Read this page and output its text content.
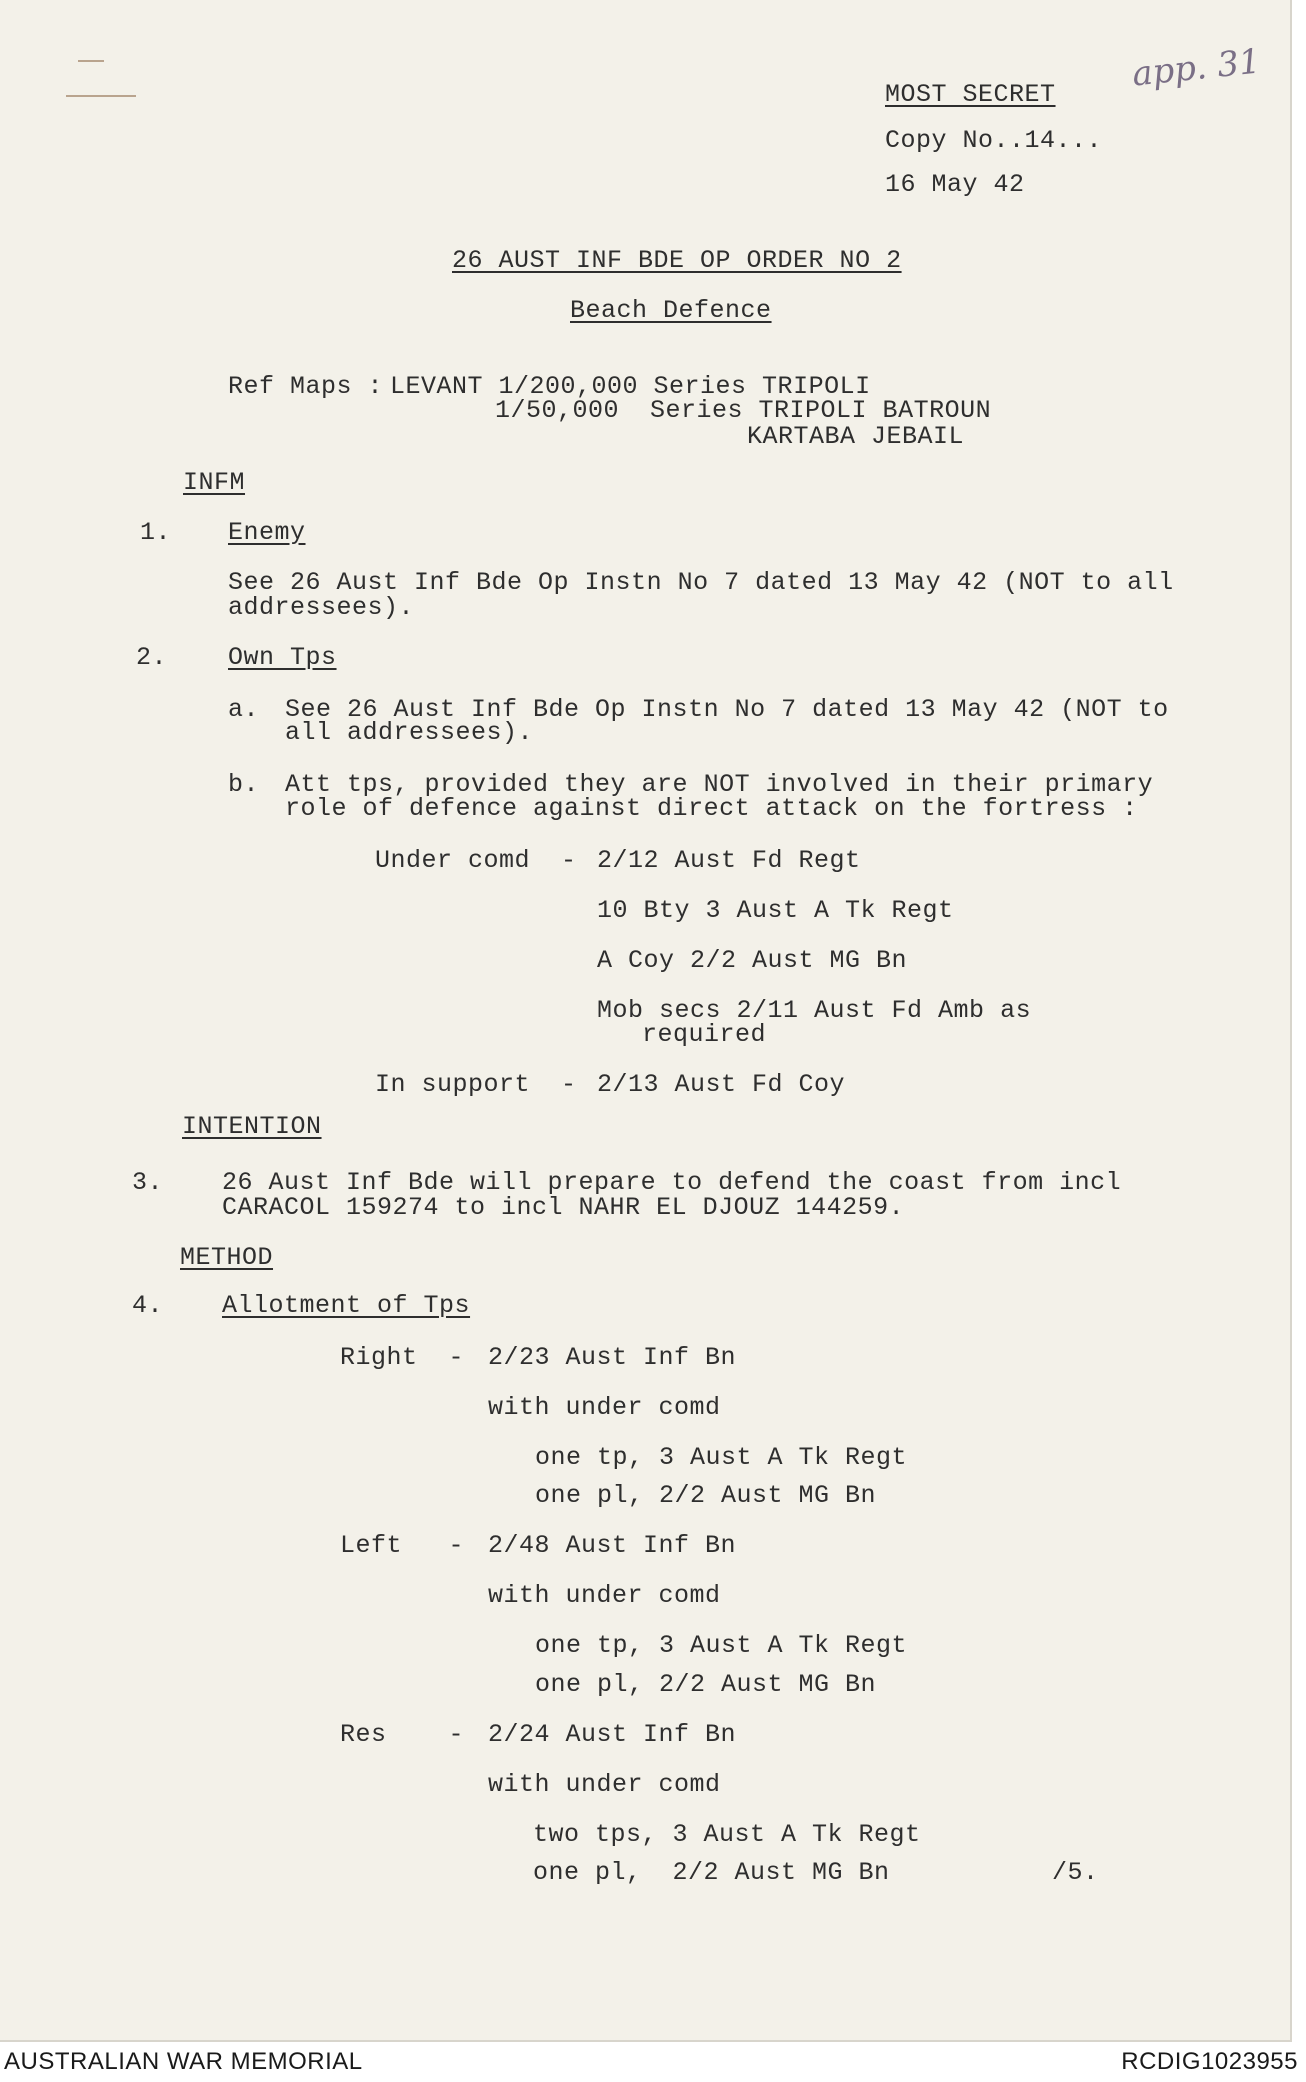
app. 31
MOST SECRET
Copy No..14...
16 May 42
26 AUST INF BDE OP ORDER NO 2
Beach Defence
Ref Maps : LEVANT 1/200,000 Series TRIPOLI
1/50,000  Series TRIPOLI BATROUN
KARTABA JEBAIL
INFM
1. Enemy
See 26 Aust Inf Bde Op Instn No 7 dated 13 May 42 (NOT to all
addressees).
2. Own Tps
a. See 26 Aust Inf Bde Op Instn No 7 dated 13 May 42 (NOT to
all addressees).
b. Att tps, provided they are NOT involved in their primary
role of defence against direct attack on the fortress :
Under comd  - 2/12 Aust Fd Regt
10 Bty 3 Aust A Tk Regt
A Coy 2/2 Aust MG Bn
Mob secs 2/11 Aust Fd Amb as
required
In support  - 2/13 Aust Fd Coy
INTENTION
3. 26 Aust Inf Bde will prepare to defend the coast from incl
CARACOL 159274 to incl NAHR EL DJOUZ 144259.
METHOD
4. Allotment of Tps
Right  - 2/23 Aust Inf Bn
with under comd
one tp, 3 Aust A Tk Regt
one pl, 2/2 Aust MG Bn
Left   - 2/48 Aust Inf Bn
with under comd
one tp, 3 Aust A Tk Regt
one pl, 2/2 Aust MG Bn
Res    - 2/24 Aust Inf Bn
with under comd
two tps, 3 Aust A Tk Regt
one pl,  2/2 Aust MG Bn	/5.
AUSTRALIAN WAR MEMORIAL	RCDIG1023955
